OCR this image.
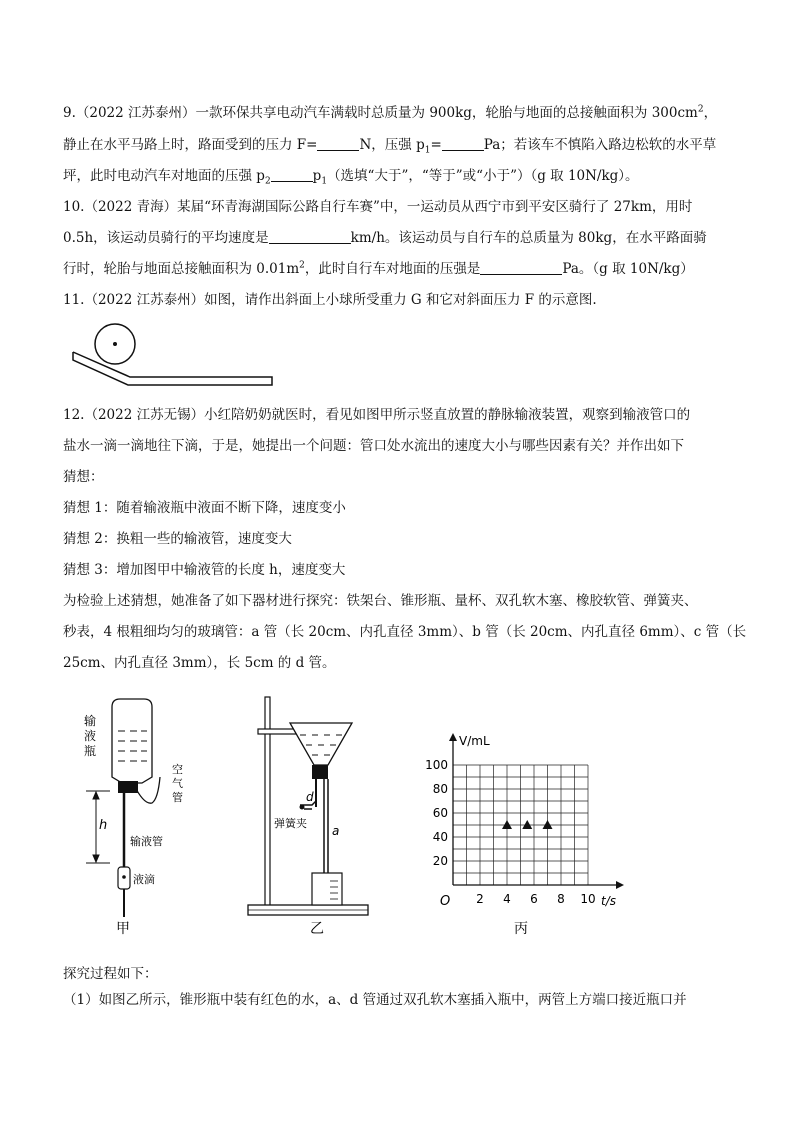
9.（2022 江苏泰州）一款环保共享电动汽车满载时总质量为 900kg，轮胎与地面的总接触面积为 $300cm^2$，
静止在水平马路上时，路面受到的压力 F=	N，压强 $p_1=$	Pa；若该车不慎陷入路边松软的水平草
坪，此时电动汽车对地面的压强 $p_2$	$p_1$（选填“大于”，“等于”或“小于”）（g 取 10N/kg）。
10.（2022 青海）某届“环青海湖国际公路自行车赛”中，一运动员从西宁市到平安区骑行了 27km，用时
0.5h，该运动员骑行的平均速度是	km/h。该运动员与自行车的总质量为 80kg，在水平路面骑
行时，轮胎与地面总接触面积为 $0.01m^2$，此时自行车对地面的压强是	Pa。（g 取 10N/kg）
11.（2022 江苏泰州）如图，请作出斜面上小球所受重力 G 和它对斜面压力 F 的示意图.
12.（2022 江苏无锡）小红陪奶奶就医时，看见如图甲所示竖直放置的静脉输液装置，观察到输液管口的
盐水一滴一滴地往下滴，于是，她提出一个问题：管口处水流出的速度大小与哪些因素有关？并作出如下
猜想：
猜想 1：随着输液瓶中液面不断下降，速度变小
猜想 2：换粗一些的输液管，速度变大
猜想 3：增加图甲中输液管的长度 h，速度变大
为检验上述猜想，她准备了如下器材进行探究：铁架台、锥形瓶、量杯、双孔软木塞、橡胶软管、弹簧夹、
秒表，4 根粗细均匀的玻璃管：a 管（长 20cm、内孔直径 3mm）、b 管（长 20cm、内孔直径 6mm）、c 管（长
25cm、内孔直径 3mm），长 5cm 的 d 管。
输
液
瓶
空
气
管
h
输液管
液滴
甲
d
a
弹簧夹
乙
2 4 6 8 10
20
40
60
80
100
V/mL
t/s
O
丙
探究过程如下：
（1）如图乙所示，锥形瓶中装有红色的水，a、d 管通过双孔软木塞插入瓶中，两管上方端口接近瓶口并
